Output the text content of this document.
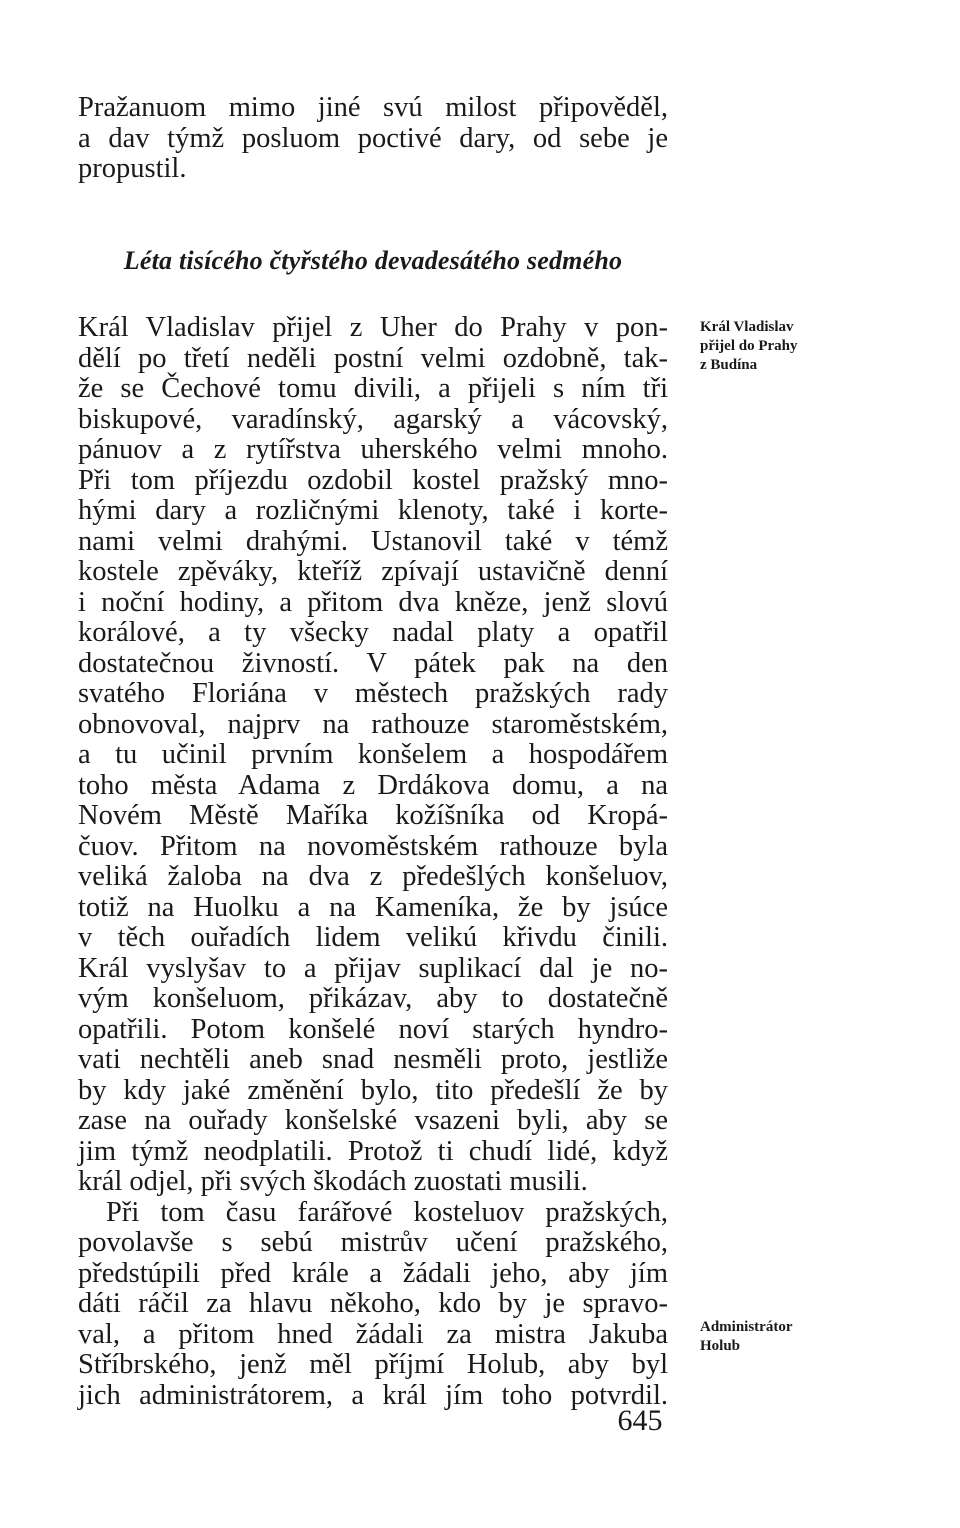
Pražanuom mimo jiné svú milost připověděl,
a dav týmž posluom poctivé dary, od sebe je
propustil.
Léta tisícého čtyřstého devadesátého sedmého
Král Vladislav přijel z Uher do Prahy v pon-
dělí po třetí neděli postní velmi ozdobně, tak-
že se Čechové tomu divili, a přijeli s ním tři
biskupové, varadínský, agarský a vácovský,
pánuov a z rytířstva uherského velmi mnoho.
Při tom příjezdu ozdobil kostel pražský mno-
hými dary a rozličnými klenoty, také i korte-
nami velmi drahými. Ustanovil také v témž
kostele zpěváky, kteříž zpívají ustavičně denní
i noční hodiny, a přitom dva kněze, jenž slovú
korálové, a ty všecky nadal platy a opatřil
dostatečnou živností. V pátek pak na den
svatého Floriána v městech pražských rady
obnovoval, najprv na rathouze staroměstském,
a tu učinil prvním konšelem a hospodářem
toho města Adama z Drdákova domu, a na
Novém Městě Maříka kožíšníka od Kropá-
čuov. Přitom na novoměstském rathouze byla
veliká žaloba na dva z předešlých konšeluov,
totiž na Huolku a na Kameníka, že by jsúce
v těch ouřadích lidem velikú křivdu činili.
Král vyslyšav to a přijav suplikací dal je no-
vým konšeluom, přikázav, aby to dostatečně
opatřili. Potom konšelé noví starých hyndro-
vati nechtěli aneb snad nesměli proto, jestliže
by kdy jaké změnění bylo, tito předešlí že by
zase na ouřady konšelské vsazeni byli, aby se
jim týmž neodplatili. Protož ti chudí lidé, když
král odjel, při svých škodách zuostati musili.
Při tom času farářové kosteluov pražských,
povolavše s sebú mistrův učení pražského,
předstúpili před krále a žádali jeho, aby jím
dáti ráčil za hlavu někoho, kdo by je spravo-
val, a přitom hned žádali za mistra Jakuba
Stříbrského, jenž měl příjmí Holub, aby byl
jich administrátorem, a král jím toho potvrdil.
Král Vladislav
přijel do Prahy
z Budína
Administrátor
Holub
645
